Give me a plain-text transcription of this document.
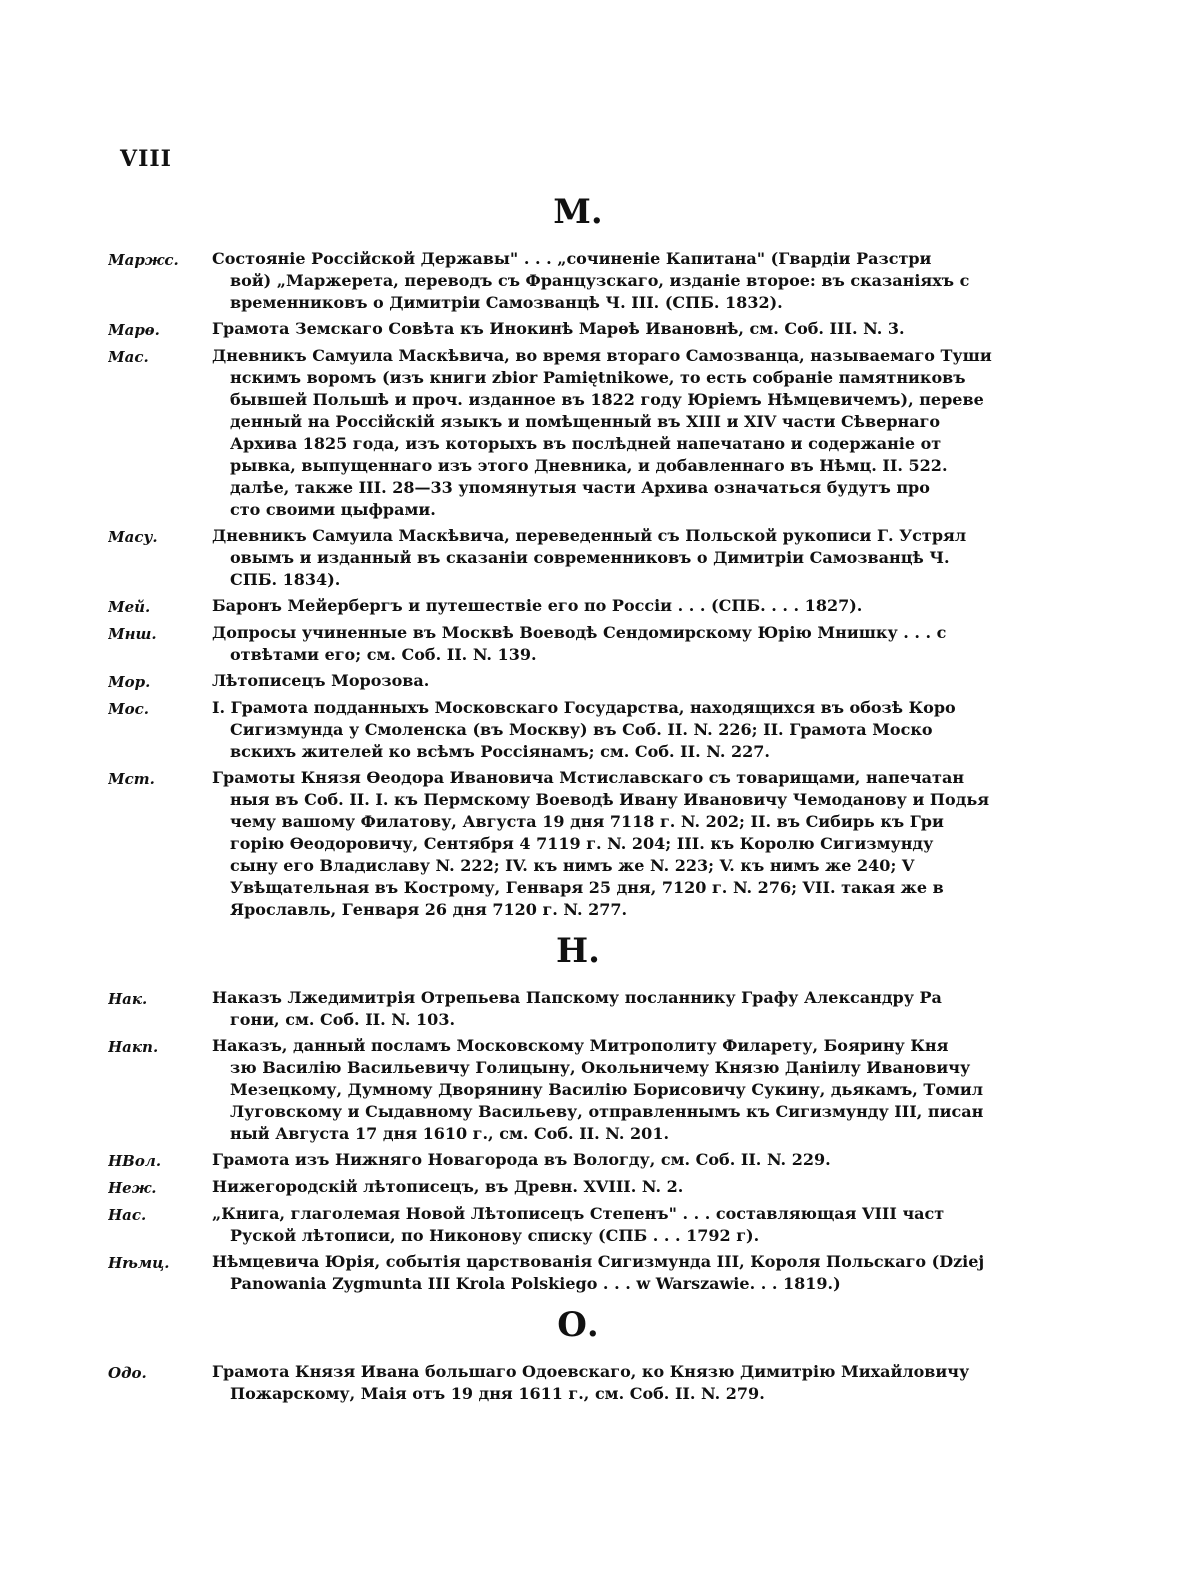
VIII
М.
Маржс.	Состояніе Россійской Державы" . . . „сочиненіе Капитана" (Гвардіи Разстри
вой) „Маржерета, переводъ съ Французскаго, изданіе второе: въ сказаніяхъ с
временниковъ о Димитріи Самозванцѣ Ч. III. (СПБ. 1832).
Марѳ.	Грамота Земскаго Совѣта къ Инокинѣ Марѳѣ Ивановнѣ, см. Соб. III. N. 3.
Мас.	Дневникъ Самуила Маскѣвича, во время втораго Самозванца, называемаго Туши
нскимъ воромъ (изъ книги zbior Pamiętnikowe, то есть собраніе памятниковъ
бывшей Польшѣ и проч. изданное въ 1822 году Юріемъ Нѣмцевичемъ), переве
денный на Россійскій языкъ и помѣщенный въ XIII и XIV части Сѣвернаго
Архива 1825 года, изъ которыхъ въ послѣдней напечатано и содержаніе от
рывка, выпущеннаго изъ этого Дневника, и добавленнаго въ Нѣмц. II. 522.
далѣе, также III. 28—33 упомянутыя части Архива означаться будутъ про
сто своими цыфрами.
Масу.	Дневникъ Самуила Маскѣвича, переведенный съ Польской рукописи Г. Устрял
овымъ и изданный въ сказаніи современниковъ о Димитріи Самозванцѣ Ч.
СПБ. 1834).
Мей.	Баронъ Мейербергъ и путешествіе его по Россіи . . . (СПБ. . . . 1827).
Мнш.	Допросы учиненные въ Москвѣ Воеводѣ Сендомирскому Юрію Мнишку . . . с
отвѣтами его; см. Соб. II. N. 139.
Мор.	Лѣтописецъ Морозова.
Мос.	I. Грамота подданныхъ Московскаго Государства, находящихся въ обозѣ Коро
Сигизмунда у Смоленска (въ Москву) въ Соб. II. N. 226; II. Грамота Моско
вскихъ жителей ко всѣмъ Россіянамъ; см. Соб. II. N. 227.
Мст.	Грамоты Князя Ѳеодора Ивановича Мстиславскаго съ товарищами, напечатан
ныя въ Соб. II. I. къ Пермскому Воеводѣ Ивану Ивановичу Чемоданову и Подья
чему вашому Филатову, Августа 19 дня 7118 г. N. 202; II. въ Сибирь къ Гри
горію Ѳеодоровичу, Сентября 4 7119 г. N. 204; III. къ Королю Сигизмунду
сыну его Владиславу N. 222; IV. къ нимъ же N. 223; V. къ нимъ же 240; V
Увѣщательная въ Кострому, Генваря 25 дня, 7120 г. N. 276; VII. такая же в
Ярославль, Генваря 26 дня 7120 г. N. 277.
Н.
Нак.	Наказъ Лжедимитрія Отрепьева Папскому посланнику Графу Александру Ра
гони, см. Соб. II. N. 103.
Накп.	Наказъ, данный посламъ Московскому Митрополиту Филарету, Боярину Кня
зю Василію Васильевичу Голицыну, Окольничему Князю Даніилу Ивановичу
Мезецкому, Думному Дворянину Василію Борисовичу Сукину, дьякамъ, Томил
Луговскому и Сыдавному Васильеву, отправленнымъ къ Сигизмунду III, писан
ный Августа 17 дня 1610 г., см. Соб. II. N. 201.
НВол.	Грамота изъ Нижняго Новагорода въ Вологду, см. Соб. II. N. 229.
Неж.	Нижегородскій лѣтописецъ, въ Древн. XVIII. N. 2.
Нас.	„Книга, глаголемая Новой Лѣтописецъ Степенъ" . . . составляющая VIII част
Руской лѣтописи, по Никонову списку (СПБ . . . 1792 г).
Нѣмц.	Нѣмцевича Юрія, событія царствованія Сигизмунда III, Короля Польскаго (Dziej
Panowania Zygmunta III Krola Polskiego . . . w Warszawie. . . 1819.)
О.
Одо.	Грамота Князя Ивана большаго Одоевскаго, ко Князю Димитрію Михайловичу
Пожарскому, Маія отъ 19 дня 1611 г., см. Соб. II. N. 279.
